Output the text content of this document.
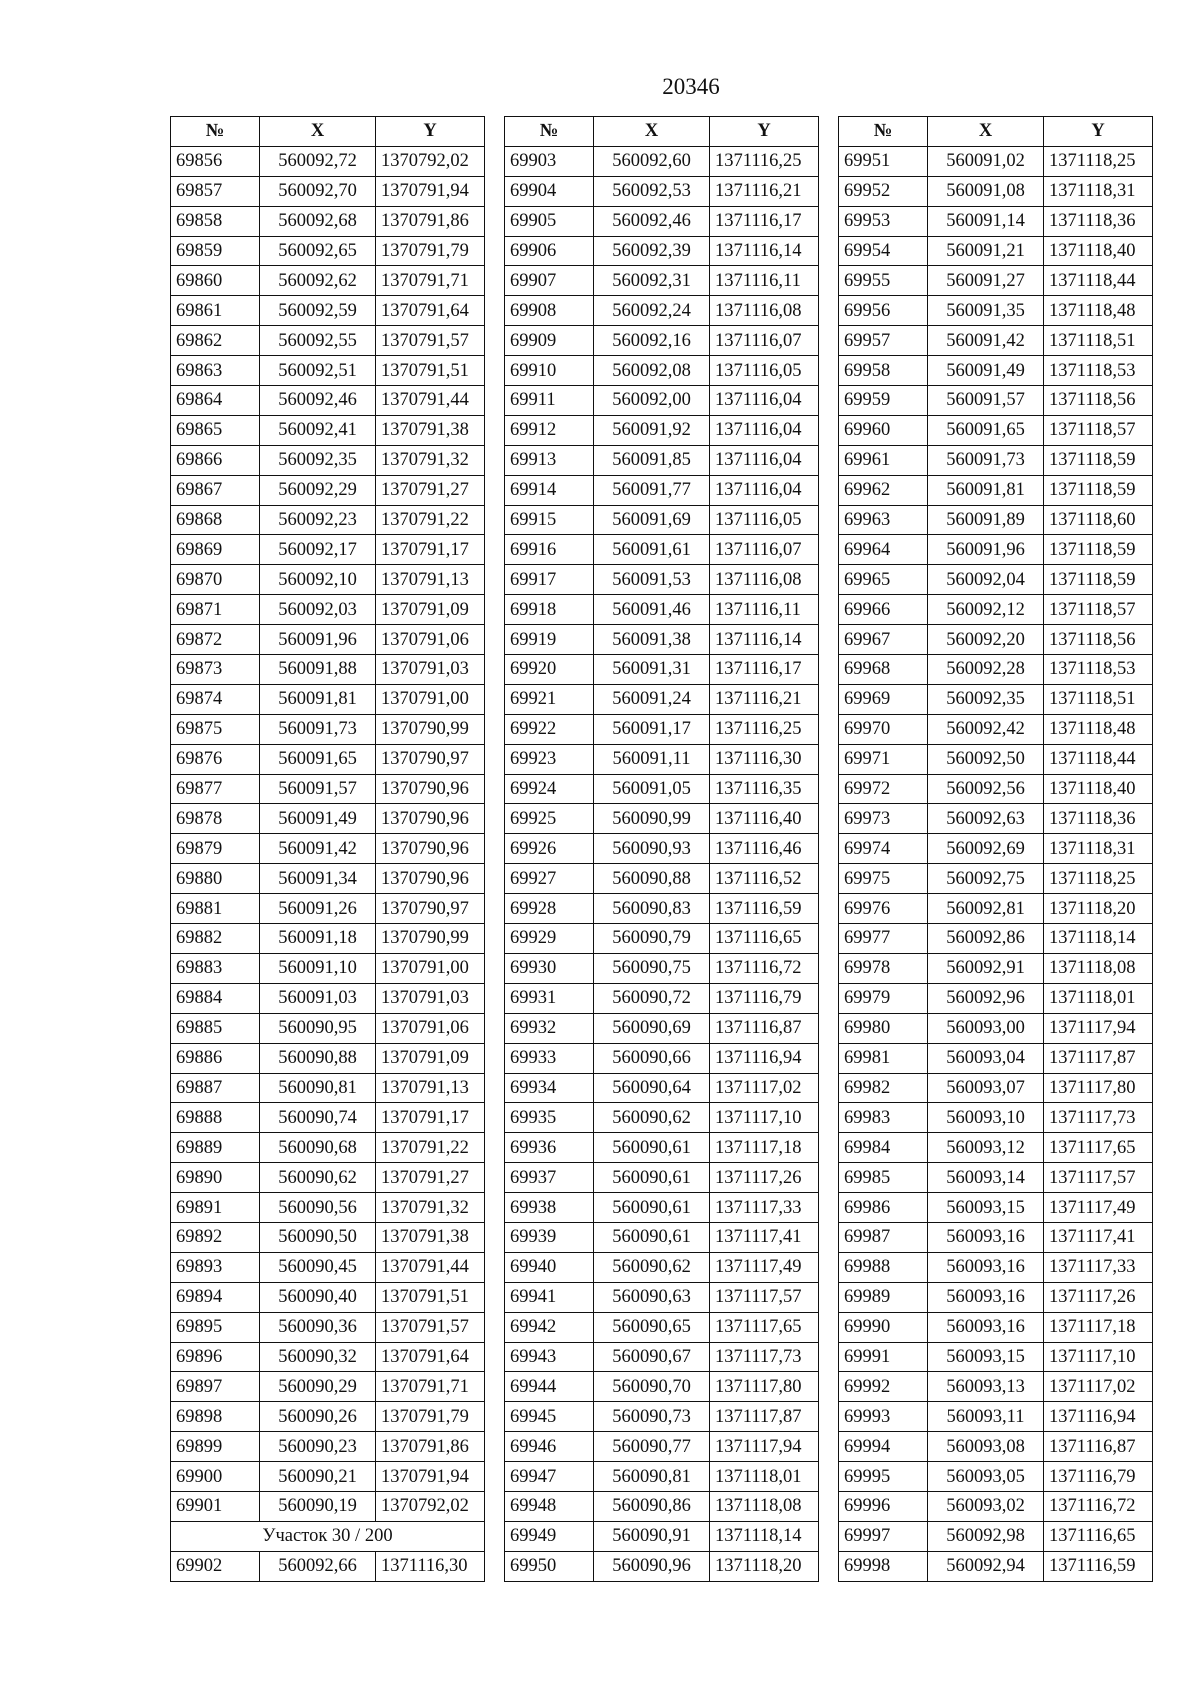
20346
№	X	Y
69856	560092,72	1370792,02
69857	560092,70	1370791,94
69858	560092,68	1370791,86
69859	560092,65	1370791,79
69860	560092,62	1370791,71
69861	560092,59	1370791,64
69862	560092,55	1370791,57
69863	560092,51	1370791,51
69864	560092,46	1370791,44
69865	560092,41	1370791,38
69866	560092,35	1370791,32
69867	560092,29	1370791,27
69868	560092,23	1370791,22
69869	560092,17	1370791,17
69870	560092,10	1370791,13
69871	560092,03	1370791,09
69872	560091,96	1370791,06
69873	560091,88	1370791,03
69874	560091,81	1370791,00
69875	560091,73	1370790,99
69876	560091,65	1370790,97
69877	560091,57	1370790,96
69878	560091,49	1370790,96
69879	560091,42	1370790,96
69880	560091,34	1370790,96
69881	560091,26	1370790,97
69882	560091,18	1370790,99
69883	560091,10	1370791,00
69884	560091,03	1370791,03
69885	560090,95	1370791,06
69886	560090,88	1370791,09
69887	560090,81	1370791,13
69888	560090,74	1370791,17
69889	560090,68	1370791,22
69890	560090,62	1370791,27
69891	560090,56	1370791,32
69892	560090,50	1370791,38
69893	560090,45	1370791,44
69894	560090,40	1370791,51
69895	560090,36	1370791,57
69896	560090,32	1370791,64
69897	560090,29	1370791,71
69898	560090,26	1370791,79
69899	560090,23	1370791,86
69900	560090,21	1370791,94
69901	560090,19	1370792,02
Участок 30 / 200		
69902	560092,66	1371116,30
№	X	Y
69903	560092,60	1371116,25
69904	560092,53	1371116,21
69905	560092,46	1371116,17
69906	560092,39	1371116,14
69907	560092,31	1371116,11
69908	560092,24	1371116,08
69909	560092,16	1371116,07
69910	560092,08	1371116,05
69911	560092,00	1371116,04
69912	560091,92	1371116,04
69913	560091,85	1371116,04
69914	560091,77	1371116,04
69915	560091,69	1371116,05
69916	560091,61	1371116,07
69917	560091,53	1371116,08
69918	560091,46	1371116,11
69919	560091,38	1371116,14
69920	560091,31	1371116,17
69921	560091,24	1371116,21
69922	560091,17	1371116,25
69923	560091,11	1371116,30
69924	560091,05	1371116,35
69925	560090,99	1371116,40
69926	560090,93	1371116,46
69927	560090,88	1371116,52
69928	560090,83	1371116,59
69929	560090,79	1371116,65
69930	560090,75	1371116,72
69931	560090,72	1371116,79
69932	560090,69	1371116,87
69933	560090,66	1371116,94
69934	560090,64	1371117,02
69935	560090,62	1371117,10
69936	560090,61	1371117,18
69937	560090,61	1371117,26
69938	560090,61	1371117,33
69939	560090,61	1371117,41
69940	560090,62	1371117,49
69941	560090,63	1371117,57
69942	560090,65	1371117,65
69943	560090,67	1371117,73
69944	560090,70	1371117,80
69945	560090,73	1371117,87
69946	560090,77	1371117,94
69947	560090,81	1371118,01
69948	560090,86	1371118,08
69949	560090,91	1371118,14
69950	560090,96	1371118,20
№	X	Y
69951	560091,02	1371118,25
69952	560091,08	1371118,31
69953	560091,14	1371118,36
69954	560091,21	1371118,40
69955	560091,27	1371118,44
69956	560091,35	1371118,48
69957	560091,42	1371118,51
69958	560091,49	1371118,53
69959	560091,57	1371118,56
69960	560091,65	1371118,57
69961	560091,73	1371118,59
69962	560091,81	1371118,59
69963	560091,89	1371118,60
69964	560091,96	1371118,59
69965	560092,04	1371118,59
69966	560092,12	1371118,57
69967	560092,20	1371118,56
69968	560092,28	1371118,53
69969	560092,35	1371118,51
69970	560092,42	1371118,48
69971	560092,50	1371118,44
69972	560092,56	1371118,40
69973	560092,63	1371118,36
69974	560092,69	1371118,31
69975	560092,75	1371118,25
69976	560092,81	1371118,20
69977	560092,86	1371118,14
69978	560092,91	1371118,08
69979	560092,96	1371118,01
69980	560093,00	1371117,94
69981	560093,04	1371117,87
69982	560093,07	1371117,80
69983	560093,10	1371117,73
69984	560093,12	1371117,65
69985	560093,14	1371117,57
69986	560093,15	1371117,49
69987	560093,16	1371117,41
69988	560093,16	1371117,33
69989	560093,16	1371117,26
69990	560093,16	1371117,18
69991	560093,15	1371117,10
69992	560093,13	1371117,02
69993	560093,11	1371116,94
69994	560093,08	1371116,87
69995	560093,05	1371116,79
69996	560093,02	1371116,72
69997	560092,98	1371116,65
69998	560092,94	1371116,59
